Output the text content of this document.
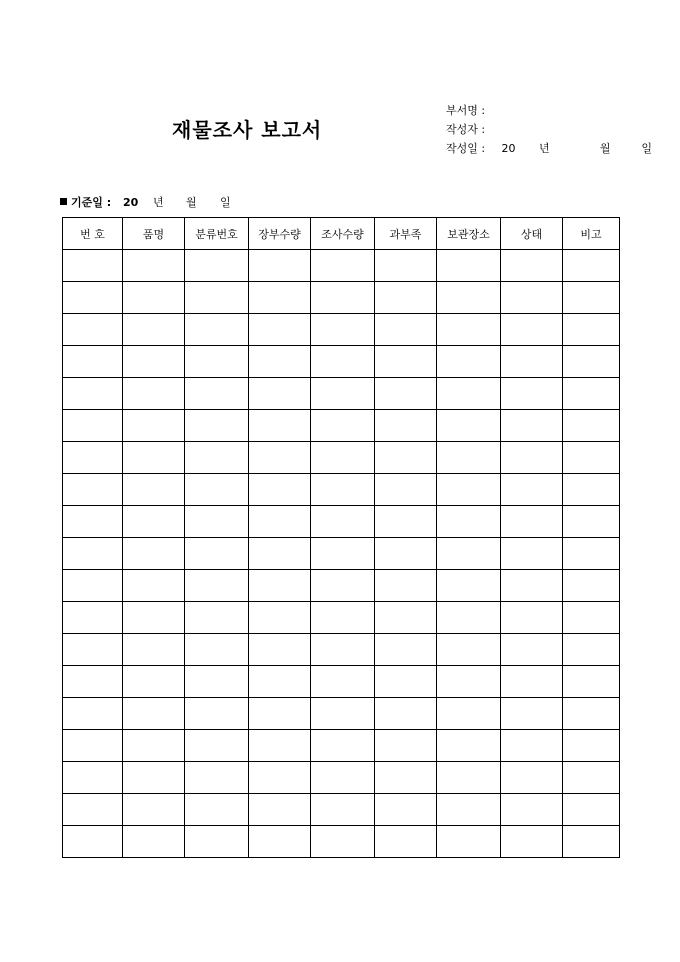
재물조사 보고서
부서명 :
작성자 :
작성일 : 20 년	월	일
기준일 : 20 년 월 일
번 호	품명	분류번호	장부수량	조사수량	과부족	보관장소	상태	비고
